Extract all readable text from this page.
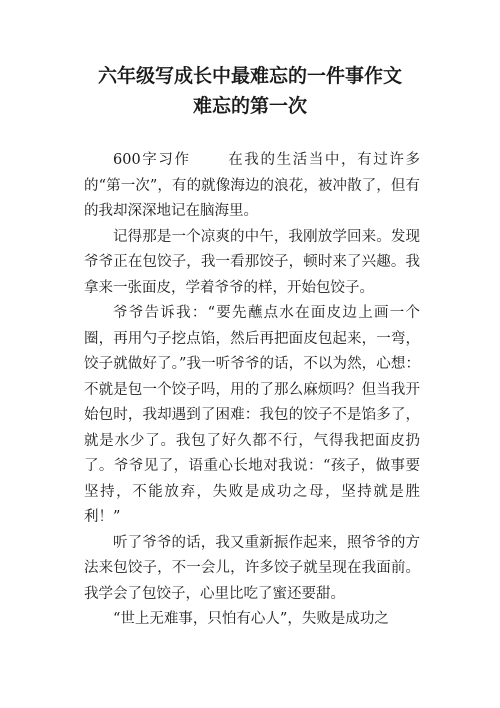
六年级写成长中最难忘的一件事作文
难忘的第一次

600字习作 在我的生活当中，有过许多的“第一次”，有的就像海边的浪花，被冲散了，但有的我却深深地记在脑海里。

记得那是一个凉爽的中午，我刚放学回来。发现爷爷正在包饺子，我一看那饺子，顿时来了兴趣。我拿来一张面皮，学着爷爷的样，开始包饺子。

爷爷告诉我：“要先蘸点水在面皮边上画一个圈，再用勺子挖点馅，然后再把面皮包起来，一弯，饺子就做好了。”我一听爷爷的话，不以为然，心想：不就是包一个饺子吗，用的了那么麻烦吗？但当我开始包时，我却遇到了困难：我包的饺子不是馅多了，就是水少了。我包了好久都不行，气得我把面皮扔了。爷爷见了，语重心长地对我说：“孩子，做事要坚持，不能放弃，失败是成功之母，坚持就是胜利！”

听了爷爷的话，我又重新振作起来，照爷爷的方法来包饺子，不一会儿，许多饺子就呈现在我面前。我学会了包饺子，心里比吃了蜜还要甜。

“世上无难事，只怕有心人”，失败是成功之
